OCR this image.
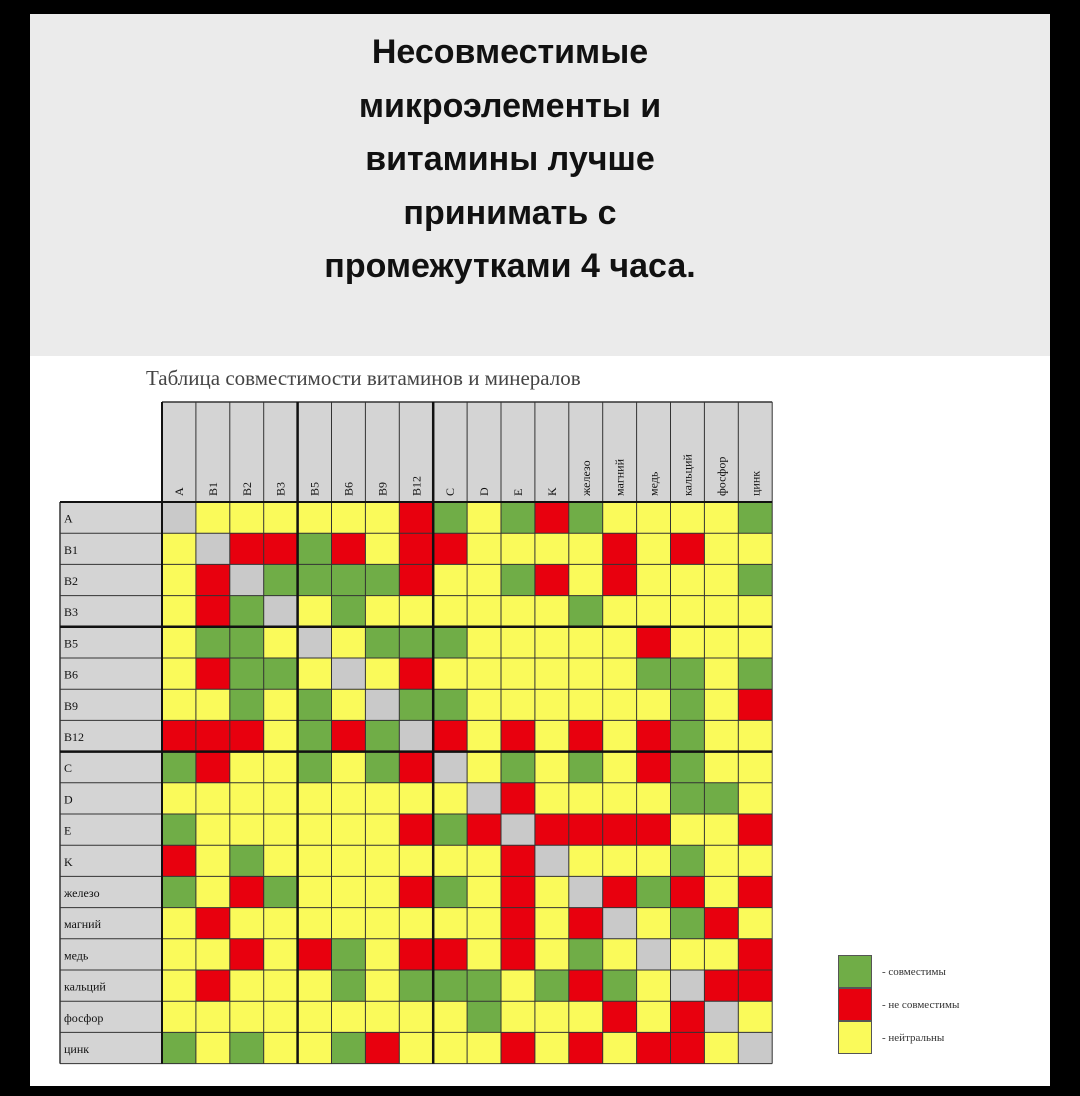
Несовместимые
микроэлементы и
витамины лучше
принимать с
промежутками 4 часа.
Таблица совместимости витаминов и минералов
A B1 B2 B3 B5 B6 B9 B12 C D E K железо магний медь кальций фосфор цинк
A
B1
B2
B3
B5
B6
B9
B12
C
D
E
K
железо
магний
медь
кальций
фосфор
цинк
- совместимы
- не совместимы
- нейтральны
